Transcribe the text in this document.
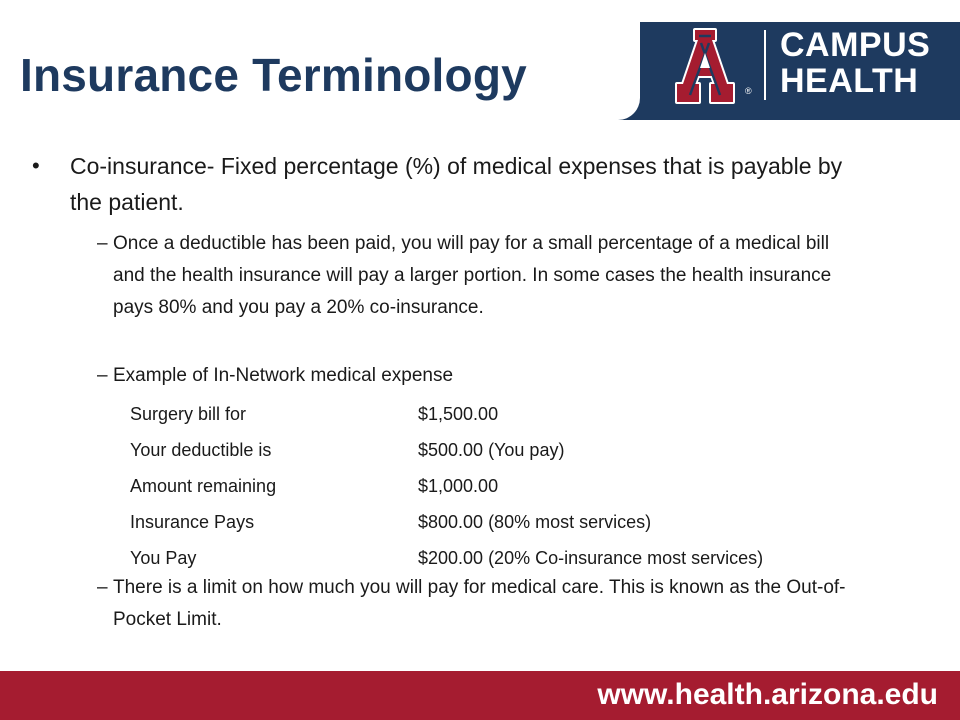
Insurance Terminology	®
CAMPUS
HEALTH
• Co-insurance- Fixed percentage (%) of medical expenses that is payable by the patient.
– Once a deductible has been paid, you will pay for a small percentage of a medical bill and the health insurance will pay a larger portion. In some cases the health insurance pays 80% and you pay a 20% co-insurance.
– Example of In-Network medical expense
Surgery bill for	$1,500.00
Your deductible is	$500.00 (You pay)
Amount remaining	$1,000.00
Insurance Pays	$800.00 (80% most services)
You Pay	$200.00 (20% Co-insurance most services)
– There is a limit on how much you will pay for medical care. This is known as the Out-of-Pocket Limit.
www.health.arizona.edu
